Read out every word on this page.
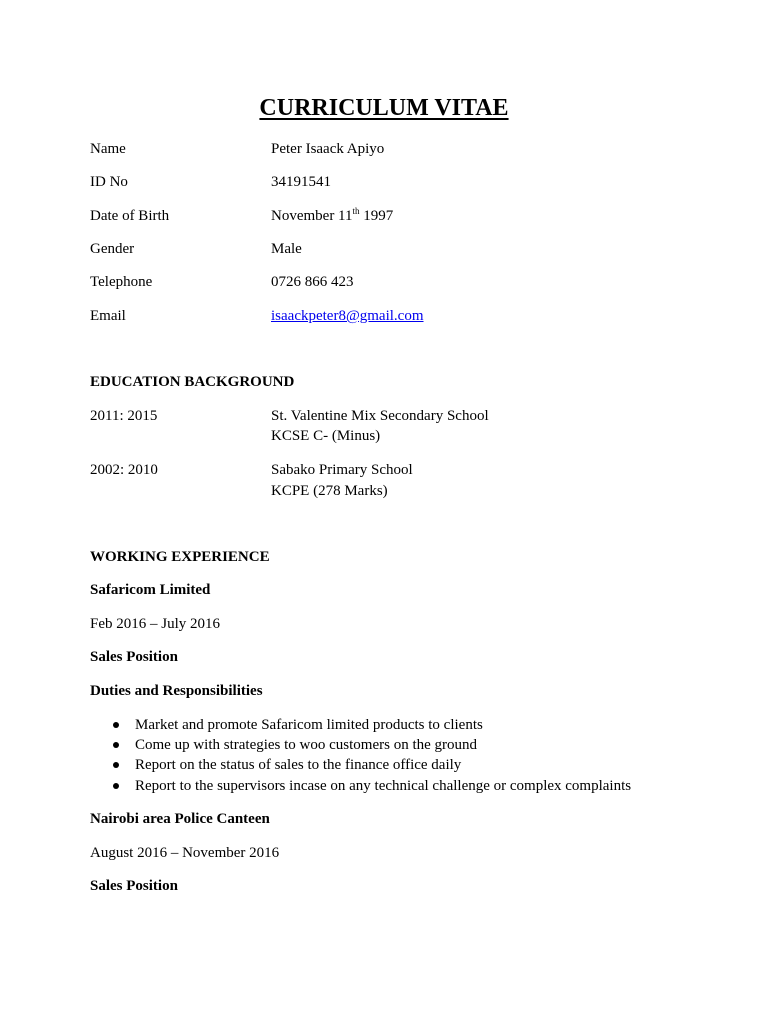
CURRICULUM VITAE
Name	Peter Isaack Apiyo
ID No	34191541
Date of Birth	November 11th 1997
Gender	Male
Telephone	0726 866 423
Email	isaackpeter8@gmail.com
EDUCATION BACKGROUND
2011: 2015	St. Valentine Mix Secondary School
KCSE C- (Minus)
2002: 2010	Sabako Primary School
KCPE (278 Marks)
WORKING EXPERIENCE
Safaricom Limited
Feb 2016 – July 2016
Sales Position
Duties and Responsibilities
Market and promote Safaricom limited products to clients
Come up with strategies to woo customers on the ground
Report on the status of sales to the finance office daily
Report to the supervisors incase on any technical challenge or complex complaints
Nairobi area Police Canteen
August 2016 – November 2016
Sales Position
